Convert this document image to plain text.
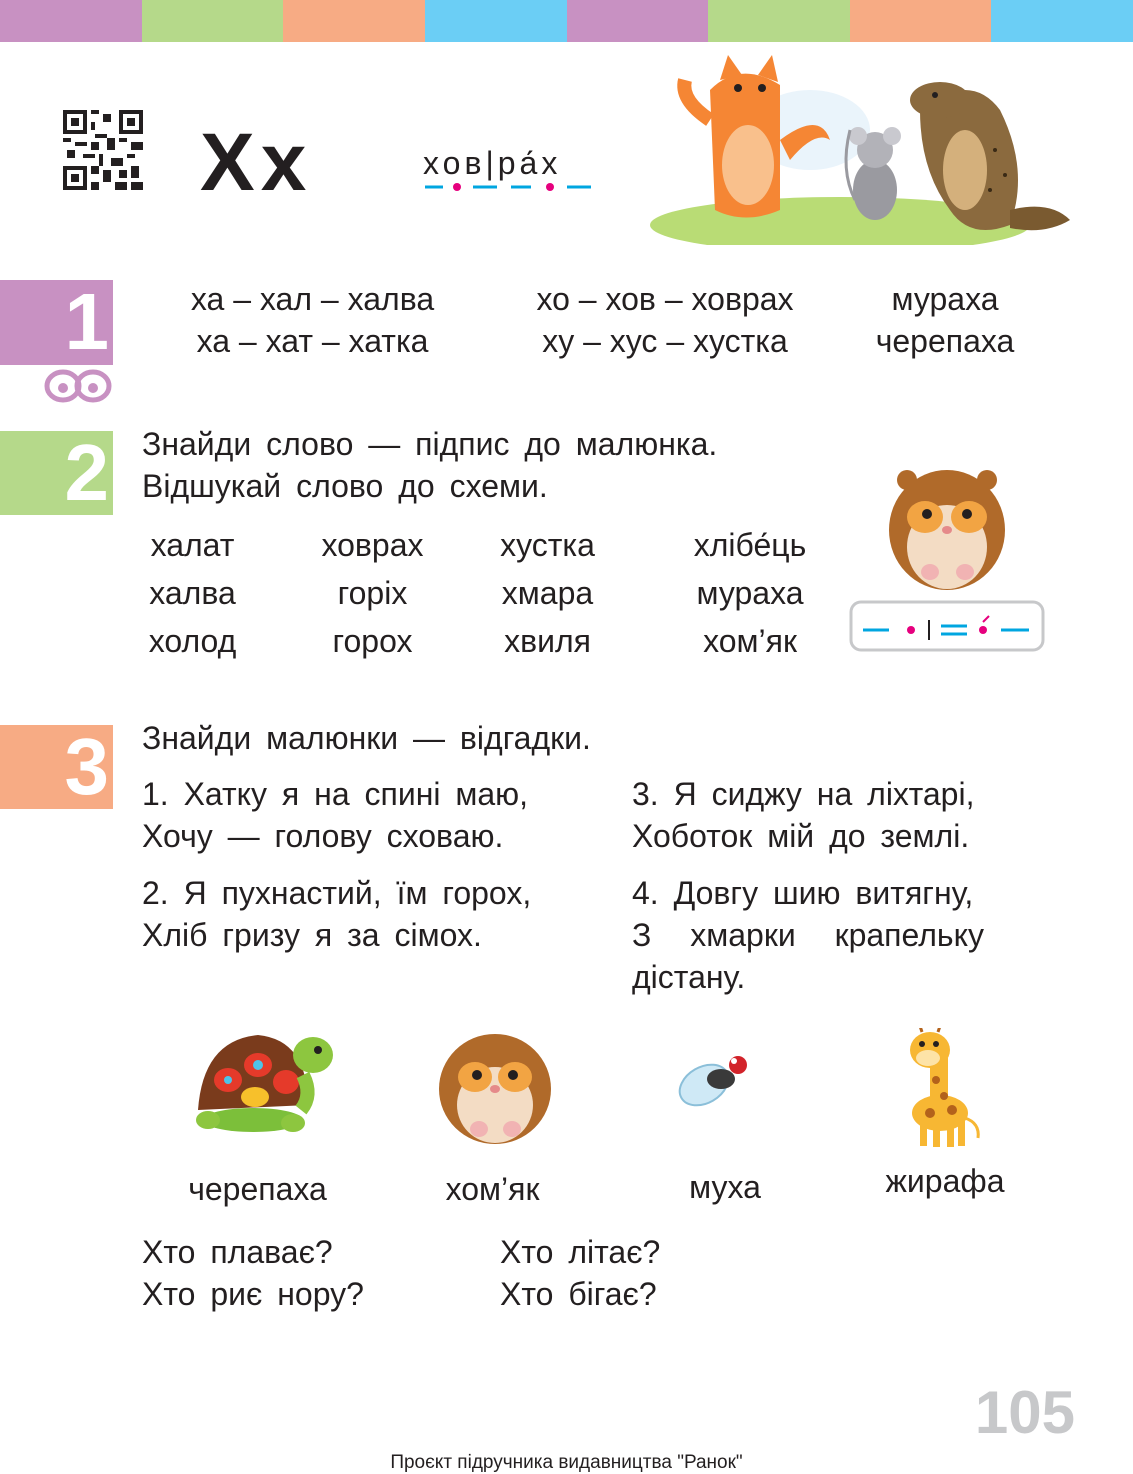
Xx	хов|ра́х
1	ха – хал – халва	хо – хов – ховрах	мураха
ха – хат – хатка	ху – хус – хустка	черепаха
2 Знайди слово — підпис до малюнка.
Відшукай слово до схеми.
халат	ховрах	хустка	хлібе́ць
халва	горіх	хмара	мураха
холод	горох	хвиля	хом’як
3 Знайди малюнки — відгадки.
1. Хатку я на спині маю,
Хочу — голову сховаю.
2. Я пухнастий, їм горох,
Хліб гризу я за сімох.
3. Я сиджу на ліхтарі,
Хоботок мій до землі.
4. Довгу шию витягну,
З хмарки крапельку
дістану.
черепаха	хом’як	муха	жирафа
Хто плаває?
Хто риє нору?
Хто літає?
Хто бігає?
105
Проєкт підручника видавництва "Ранок"
